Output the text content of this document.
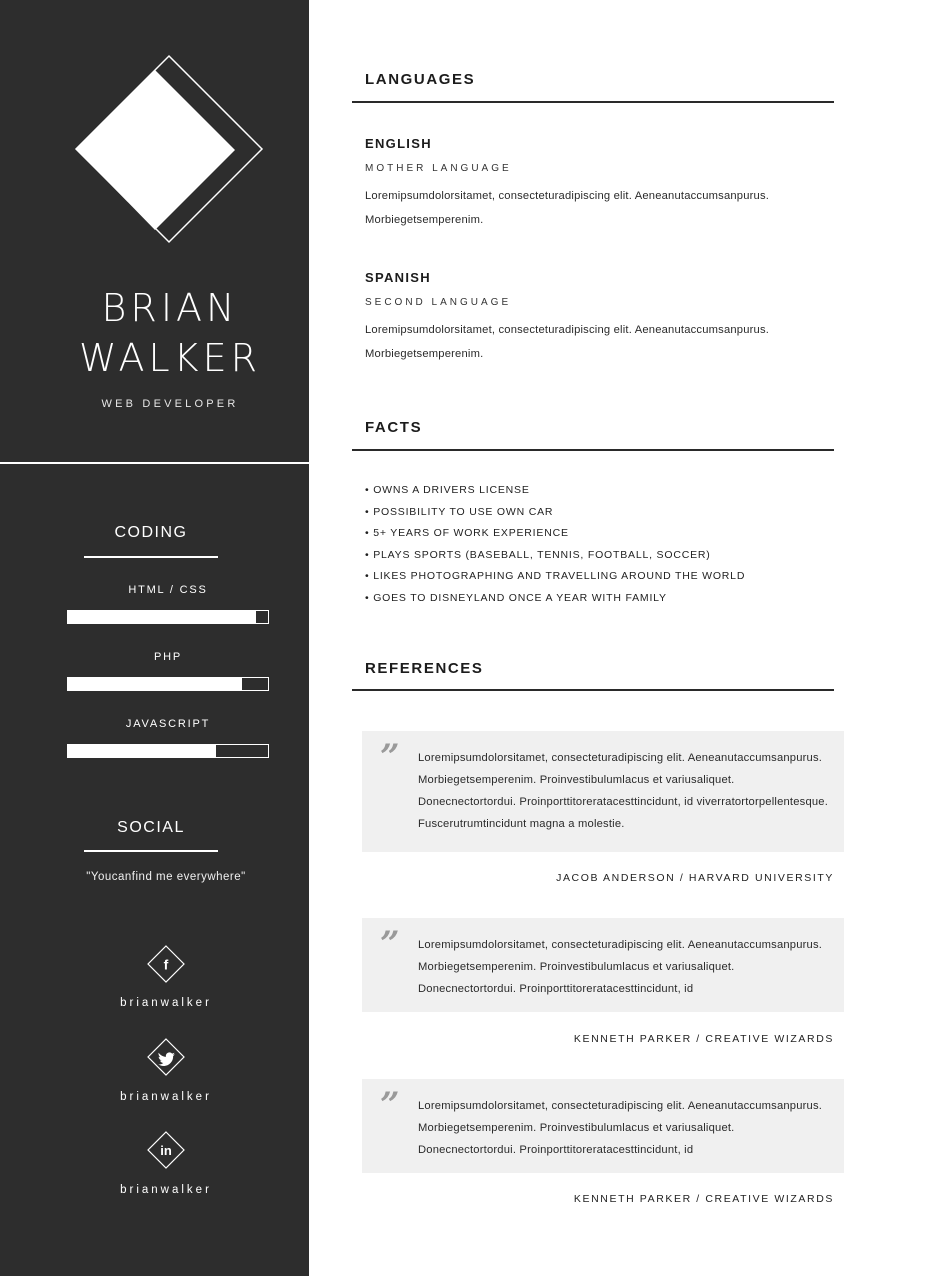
BRIAN
WALKER
WEB DEVELOPER
CODING
HTML / CSS
PHP
JAVASCRIPT
SOCIAL
"Youcanfind me everywhere"
f
brianwalker
brianwalker
in
brianwalker
LANGUAGES
ENGLISH
MOTHER LANGUAGE
Loremipsumdolorsitamet, consecteturadipiscing elit. Aeneanutaccumsanpurus. Morbiegetsemperenim.
SPANISH
SECOND LANGUAGE
Loremipsumdolorsitamet, consecteturadipiscing elit. Aeneanutaccumsanpurus. Morbiegetsemperenim.
FACTS
• OWNS A DRIVERS LICENSE
• POSSIBILITY TO USE OWN CAR
• 5+ YEARS OF WORK EXPERIENCE
• PLAYS SPORTS (BASEBALL, TENNIS, FOOTBALL, SOCCER)
• LIKES PHOTOGRAPHING AND TRAVELLING AROUND THE WORLD
• GOES TO DISNEYLAND ONCE A YEAR WITH FAMILY
REFERENCES
” Loremipsumdolorsitamet, consecteturadipiscing elit. Aeneanutaccumsanpurus. Morbiegetsemperenim. Proinvestibulumlacus et variusaliquet. Donecnectortordui. Proinporttitoreratacesttincidunt, id viverratortorpellentesque. Fuscerutrumtincidunt magna a molestie.
JACOB ANDERSON / HARVARD UNIVERSITY
” Loremipsumdolorsitamet, consecteturadipiscing elit. Aeneanutaccumsanpurus. Morbiegetsemperenim. Proinvestibulumlacus et variusaliquet. Donecnectortordui. Proinporttitoreratacesttincidunt, id
KENNETH PARKER / CREATIVE WIZARDS
” Loremipsumdolorsitamet, consecteturadipiscing elit. Aeneanutaccumsanpurus. Morbiegetsemperenim. Proinvestibulumlacus et variusaliquet. Donecnectortordui. Proinporttitoreratacesttincidunt, id
KENNETH PARKER / CREATIVE WIZARDS
